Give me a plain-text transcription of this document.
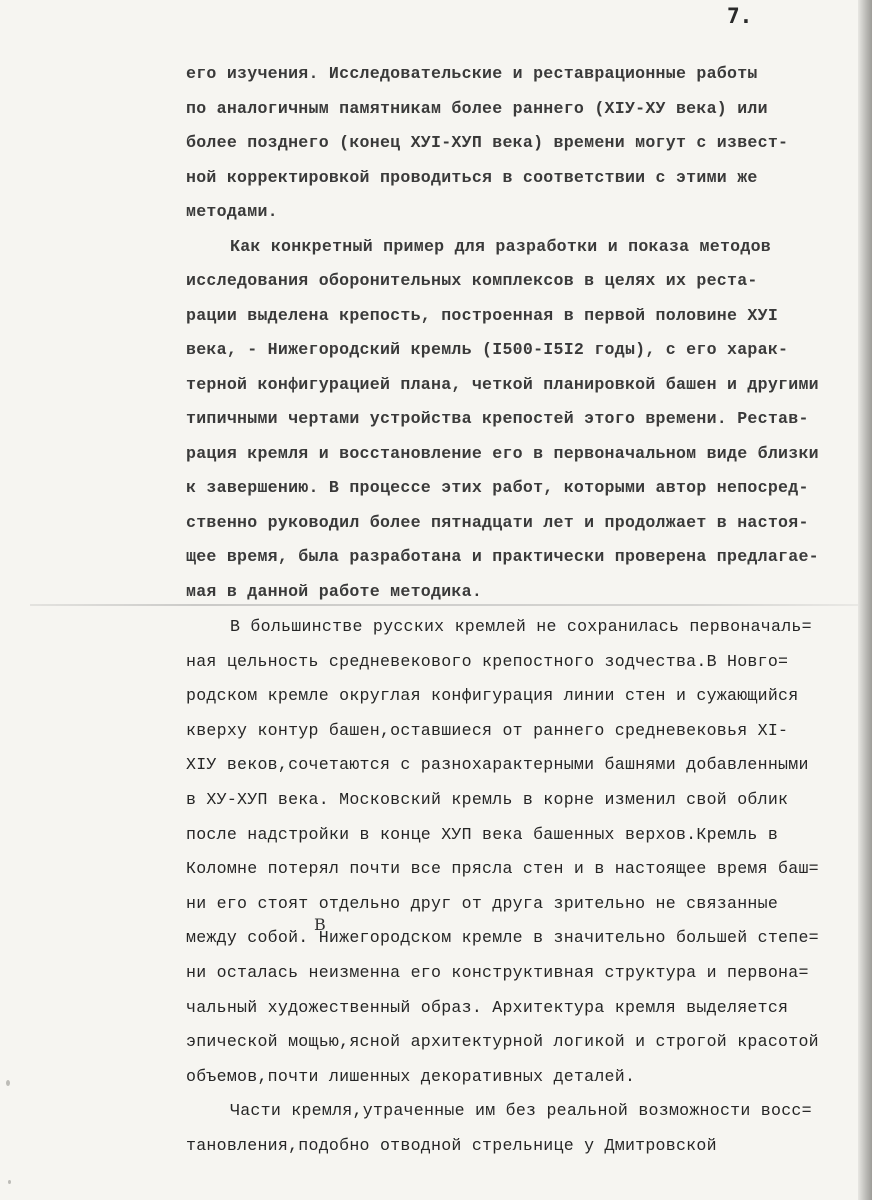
7.
его изучения. Исследовательские и реставрационные работы
по аналогичным памятникам более раннего (ХIУ-ХУ века) или
более позднего (конец ХУI-ХУП века) времени могут с извест-
ной корректировкой проводиться в соответствии с этими же
методами.
Как конкретный пример для разработки и показа методов
исследования оборонительных комплексов в целях их реста-
рации выделена крепость, построенная в первой половине ХУI
века, - Нижегородский кремль (I500-I5I2 годы), с его харак-
терной конфигурацией плана, четкой планировкой башен и другими
типичными чертами устройства крепостей этого времени. Рестав-
рация кремля и восстановление его в первоначальном виде близки
к завершению. В процессе этих работ, которыми автор непосред-
ственно руководил более пятнадцати лет и продолжает в настоя-
щее время, была разработана и практически проверена предлагае-
мая в данной работе методика.
В большинстве русских кремлей не сохранилась первоначаль=
ная цельность средневекового крепостного зодчества.В Новго=
родском кремле округлая конфигурация линии стен и сужающийся
кверху контур башен,оставшиеся от раннего средневековья ХI-
ХIУ веков,сочетаются с разнохарактерными башнями добавленными
в ХУ-ХУП века. Московский кремль в корне изменил свой облик
после надстройки в конце ХУП века башенных верхов.Кремль в
Коломне потерял почти все прясла стен и в настоящее время баш=
ни его стоят отдельно друг от друга зрительно не связанные
между собой. Нижегородском кремле в значительно большей степе=
ни осталась неизменна его конструктивная структура и первона=
чальный художественный образ. Архитектура кремля выделяется
эпической мощью,ясной архитектурной логикой и строгой красотой
объемов,почти лишенных декоративных деталей.
Части кремля,утраченные им без реальной возможности восс=
тановления,подобно отводной стрельнице у Дмитровской
В
